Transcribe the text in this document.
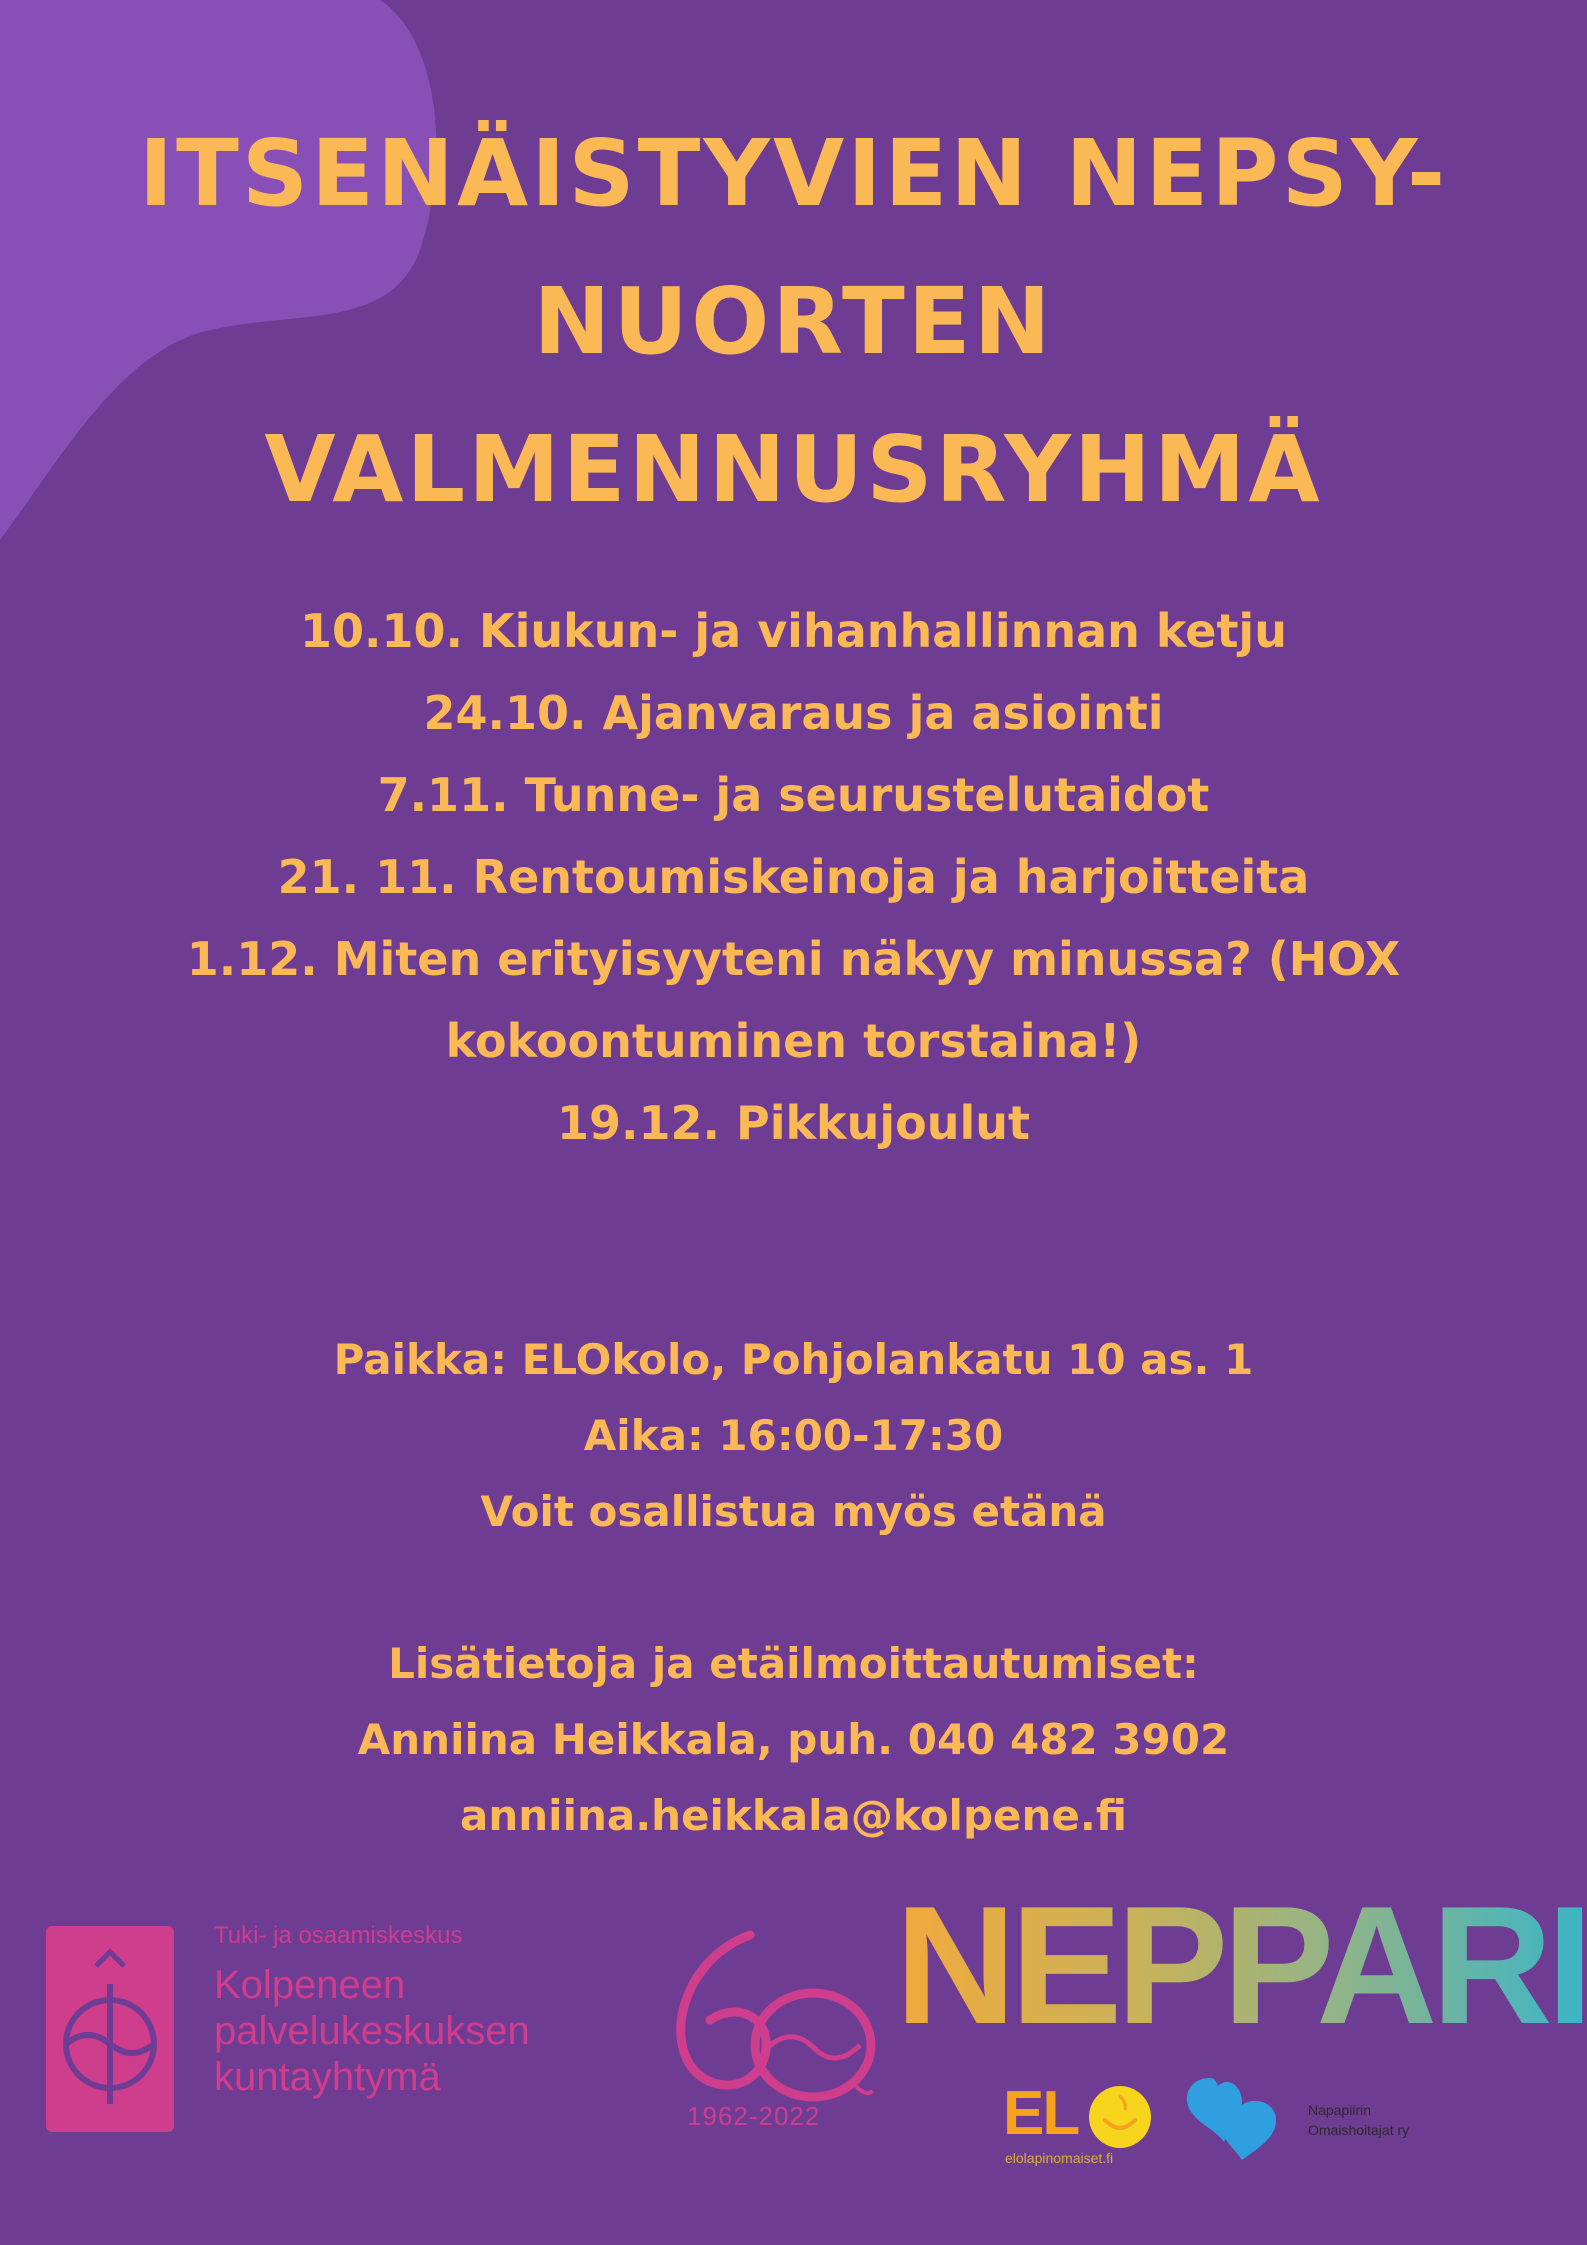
ITSENÄISTYVIEN NEPSY-
NUORTEN
VALMENNUSRYHMÄ
10.10. Kiukun- ja vihanhallinnan ketju
24.10. Ajanvaraus ja asiointi
7.11. Tunne- ja seurustelutaidot
21. 11. Rentoumiskeinoja ja harjoitteita
1.12. Miten erityisyyteni näkyy minussa? (HOX
kokoontuminen torstaina!)
19.12. Pikkujoulut
Paikka: ELOkolo, Pohjolankatu 10 as. 1
Aika: 16:00-17:30
Voit osallistua myös etänä
Lisätietoja ja etäilmoittautumiset:
Anniina Heikkala, puh. 040 482 3902
anniina.heikkala@kolpene.fi
Tuki- ja osaamiskeskus
Kolpeneen
palvelukeskuksen
kuntayhtymä
1962-2022
NEPPARI
EL
elolapinomaiset.fi
Napapiirin
Omaishoitajat ry
